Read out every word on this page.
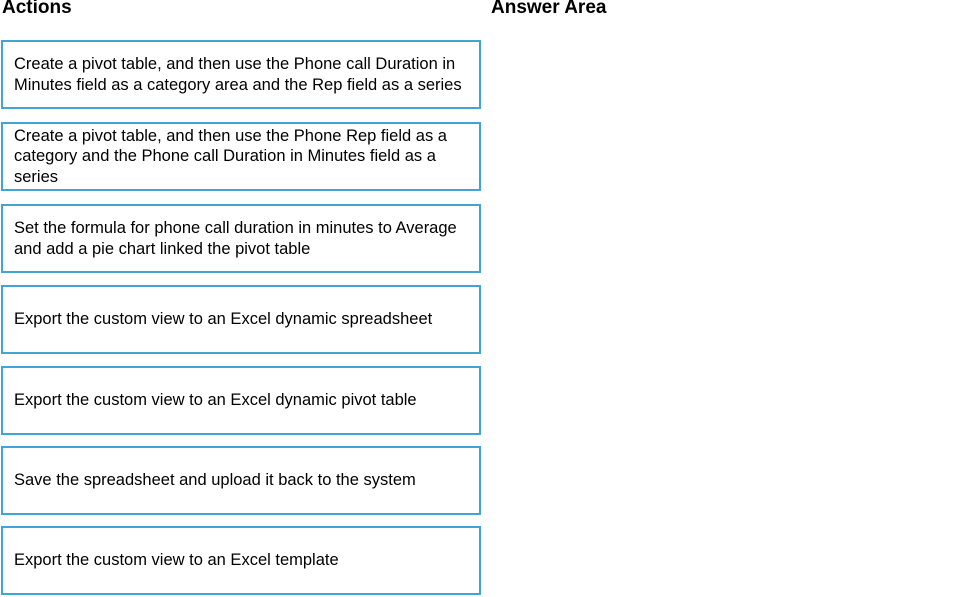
Actions	Answer Area
Create a pivot table, and then use the Phone call Duration in Minutes field as a category area and the Rep field as a series
Create a pivot table, and then use the Phone Rep field as a category and the Phone call Duration in Minutes field as a series
Set the formula for phone call duration in minutes to Average and add a pie chart linked the pivot table
Export the custom view to an Excel dynamic spreadsheet
Export the custom view to an Excel dynamic pivot table
Save the spreadsheet and upload it back to the system
Export the custom view to an Excel template
